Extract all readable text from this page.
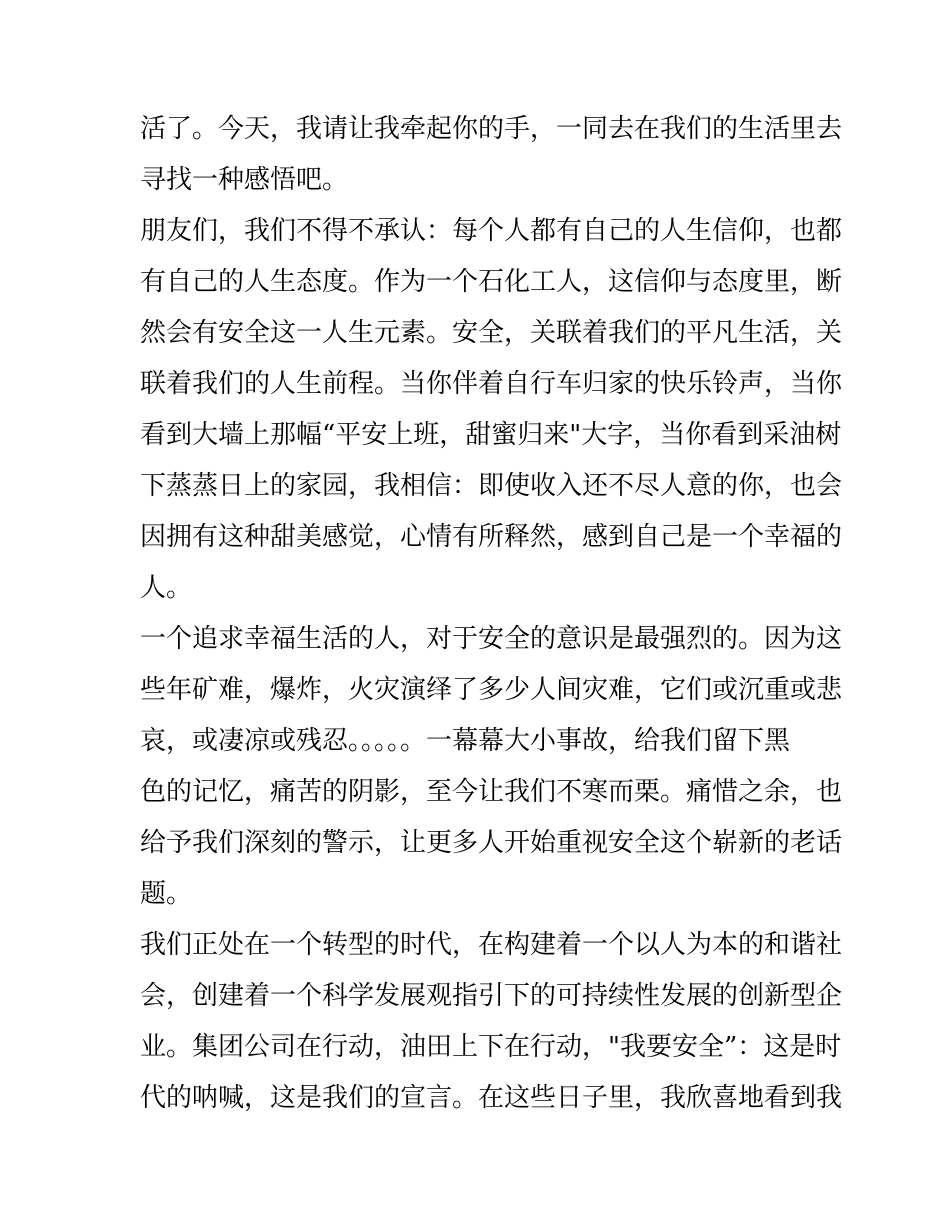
活了。今天，我请让我牵起你的手，一同去在我们的生活里去
寻找一种感悟吧。
朋友们，我们不得不承认：每个人都有自己的人生信仰，也都
有自己的人生态度。作为一个石化工人，这信仰与态度里，断
然会有安全这一人生元素。安全，关联着我们的平凡生活，关
联着我们的人生前程。当你伴着自行车归家的快乐铃声，当你
看到大墙上那幅“平安上班，甜蜜归来"大字，当你看到采油树
下蒸蒸日上的家园，我相信：即使收入还不尽人意的你，也会
因拥有这种甜美感觉，心情有所释然，感到自己是一个幸福的
人。
一个追求幸福生活的人，对于安全的意识是最强烈的。因为这
些年矿难，爆炸，火灾演绎了多少人间灾难，它们或沉重或悲
哀，或凄凉或残忍。。。。。一幕幕大小事故，给我们留下黑
色的记忆，痛苦的阴影，至今让我们不寒而栗。痛惜之余，也
给予我们深刻的警示，让更多人开始重视安全这个崭新的老话
题。
我们正处在一个转型的时代，在构建着一个以人为本的和谐社
会，创建着一个科学发展观指引下的可持续性发展的创新型企
业。集团公司在行动，油田上下在行动，"我要安全”：这是时
代的呐喊，这是我们的宣言。在这些日子里，我欣喜地看到我
